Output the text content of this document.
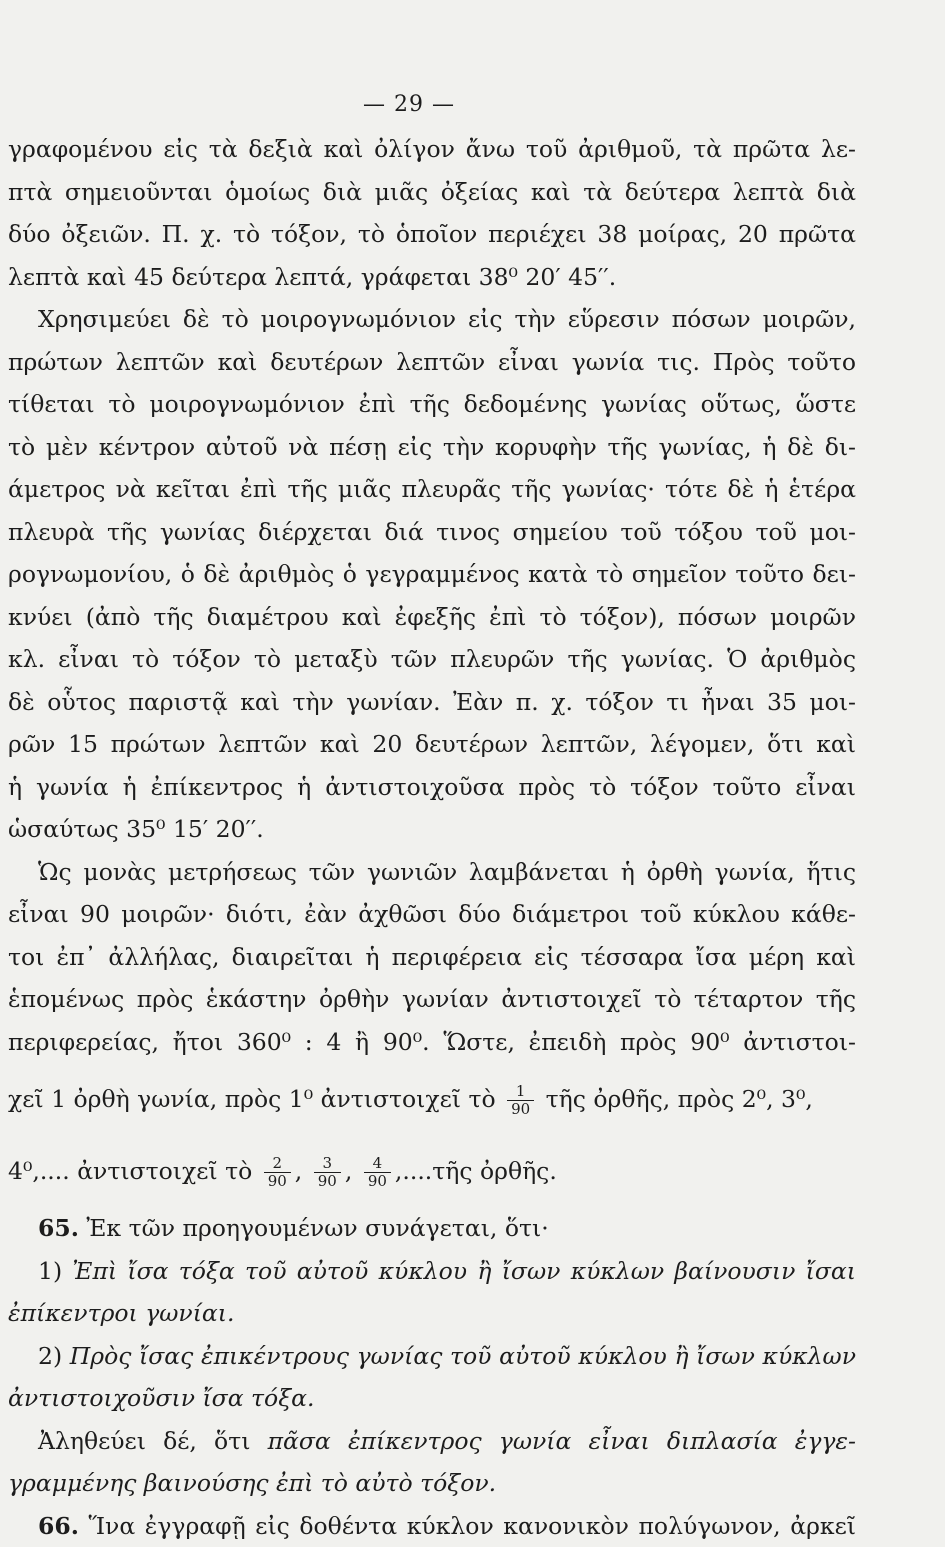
— 29 —
γραφομένου εἰς τὰ δεξιὰ καὶ ὀλίγον ἄνω τοῦ ἀριθμοῦ, τὰ πρῶτα λε-
πτὰ σημειοῦνται ὁμοίως διὰ μιᾶς ὀξείας καὶ τὰ δεύτερα λεπτὰ διὰ
δύο ὀξειῶν. Π. χ. τὸ τόξον, τὸ ὁποῖον περιέχει 38 μοίρας, 20 πρῶτα
λεπτὰ καὶ 45 δεύτερα λεπτά, γράφεται 38⁰ 20′ 45′′.
Χρησιμεύει δὲ τὸ μοιρογνωμόνιον εἰς τὴν εὕρεσιν πόσων μοιρῶν,
πρώτων λεπτῶν καὶ δευτέρων λεπτῶν εἶναι γωνία τις. Πρὸς τοῦτο
τίθεται τὸ μοιρογνωμόνιον ἐπὶ τῆς δεδομένης γωνίας οὕτως, ὥστε
τὸ μὲν κέντρον αὐτοῦ νὰ πέσῃ εἰς τὴν κορυφὴν τῆς γωνίας, ἡ δὲ δι-
άμετρος νὰ κεῖται ἐπὶ τῆς μιᾶς πλευρᾶς τῆς γωνίας· τότε δὲ ἡ ἑτέρα
πλευρὰ τῆς γωνίας διέρχεται διά τινος σημείου τοῦ τόξου τοῦ μοι-
ρογνωμονίου, ὁ δὲ ἀριθμὸς ὁ γεγραμμένος κατὰ τὸ σημεῖον τοῦτο δει-
κνύει (ἀπὸ τῆς διαμέτρου καὶ ἐφεξῆς ἐπὶ τὸ τόξον), πόσων μοιρῶν
κλ. εἶναι τὸ τόξον τὸ μεταξὺ τῶν πλευρῶν τῆς γωνίας. Ὁ ἀριθμὸς
δὲ οὗτος παριστᾷ καὶ τὴν γωνίαν. Ἐὰν π. χ. τόξον τι ἦναι 35 μοι-
ρῶν 15 πρώτων λεπτῶν καὶ 20 δευτέρων λεπτῶν, λέγομεν, ὅτι καὶ
ἡ γωνία ἡ ἐπίκεντρος ἡ ἀντιστοιχοῦσα πρὸς τὸ τόξον τοῦτο εἶναι
ὡσαύτως 35⁰ 15′ 20′′.
Ὡς μονὰς μετρήσεως τῶν γωνιῶν λαμβάνεται ἡ ὀρθὴ γωνία, ἥτις
εἶναι 90 μοιρῶν· διότι, ἐὰν ἀχθῶσι δύο διάμετροι τοῦ κύκλου κάθε-
τοι ἐπ᾿ ἀλλήλας, διαιρεῖται ἡ περιφέρεια εἰς τέσσαρα ἴσα μέρη καὶ
ἑπομένως πρὸς ἑκάστην ὀρθὴν γωνίαν ἀντιστοιχεῖ τὸ τέταρτον τῆς
περιφερείας, ἤτοι 360⁰ : 4 ἢ 90⁰. Ὥστε, ἐπειδὴ πρὸς 90⁰ ἀντιστοι-
χεῖ 1 ὀρθὴ γωνία, πρὸς 1⁰ ἀντιστοιχεῖ τὸ $\frac{1}{90}$ τῆς ὀρθῆς, πρὸς 2⁰, 3⁰,
4⁰,.... ἀντιστοιχεῖ τὸ $\frac{2}{90}$ , $\frac{3}{90}$ , $\frac{4}{90}$ ,....τῆς ὀρθῆς.
65. Ἐκ τῶν προηγουμένων συνάγεται, ὅτι·
1) Ἐπὶ ἴσα τόξα τοῦ αὐτοῦ κύκλου ἢ ἴσων κύκλων βαίνουσιν ἴσαι
ἐπίκεντροι γωνίαι.
2) Πρὸς ἴσας ἐπικέντρους γωνίας τοῦ αὐτοῦ κύκλου ἢ ἴσων κύκλων
ἀντιστοιχοῦσιν ἴσα τόξα.
Ἀληθεύει δέ, ὅτι πᾶσα ἐπίκεντρος γωνία εἶναι διπλασία ἐγγε-
γραμμένης βαινούσης ἐπὶ τὸ αὐτὸ τόξον.
66. Ἵνα ἐγγραφῇ εἰς δοθέντα κύκλον κανονικὸν πολύγωνον, ἀρκεῖ
